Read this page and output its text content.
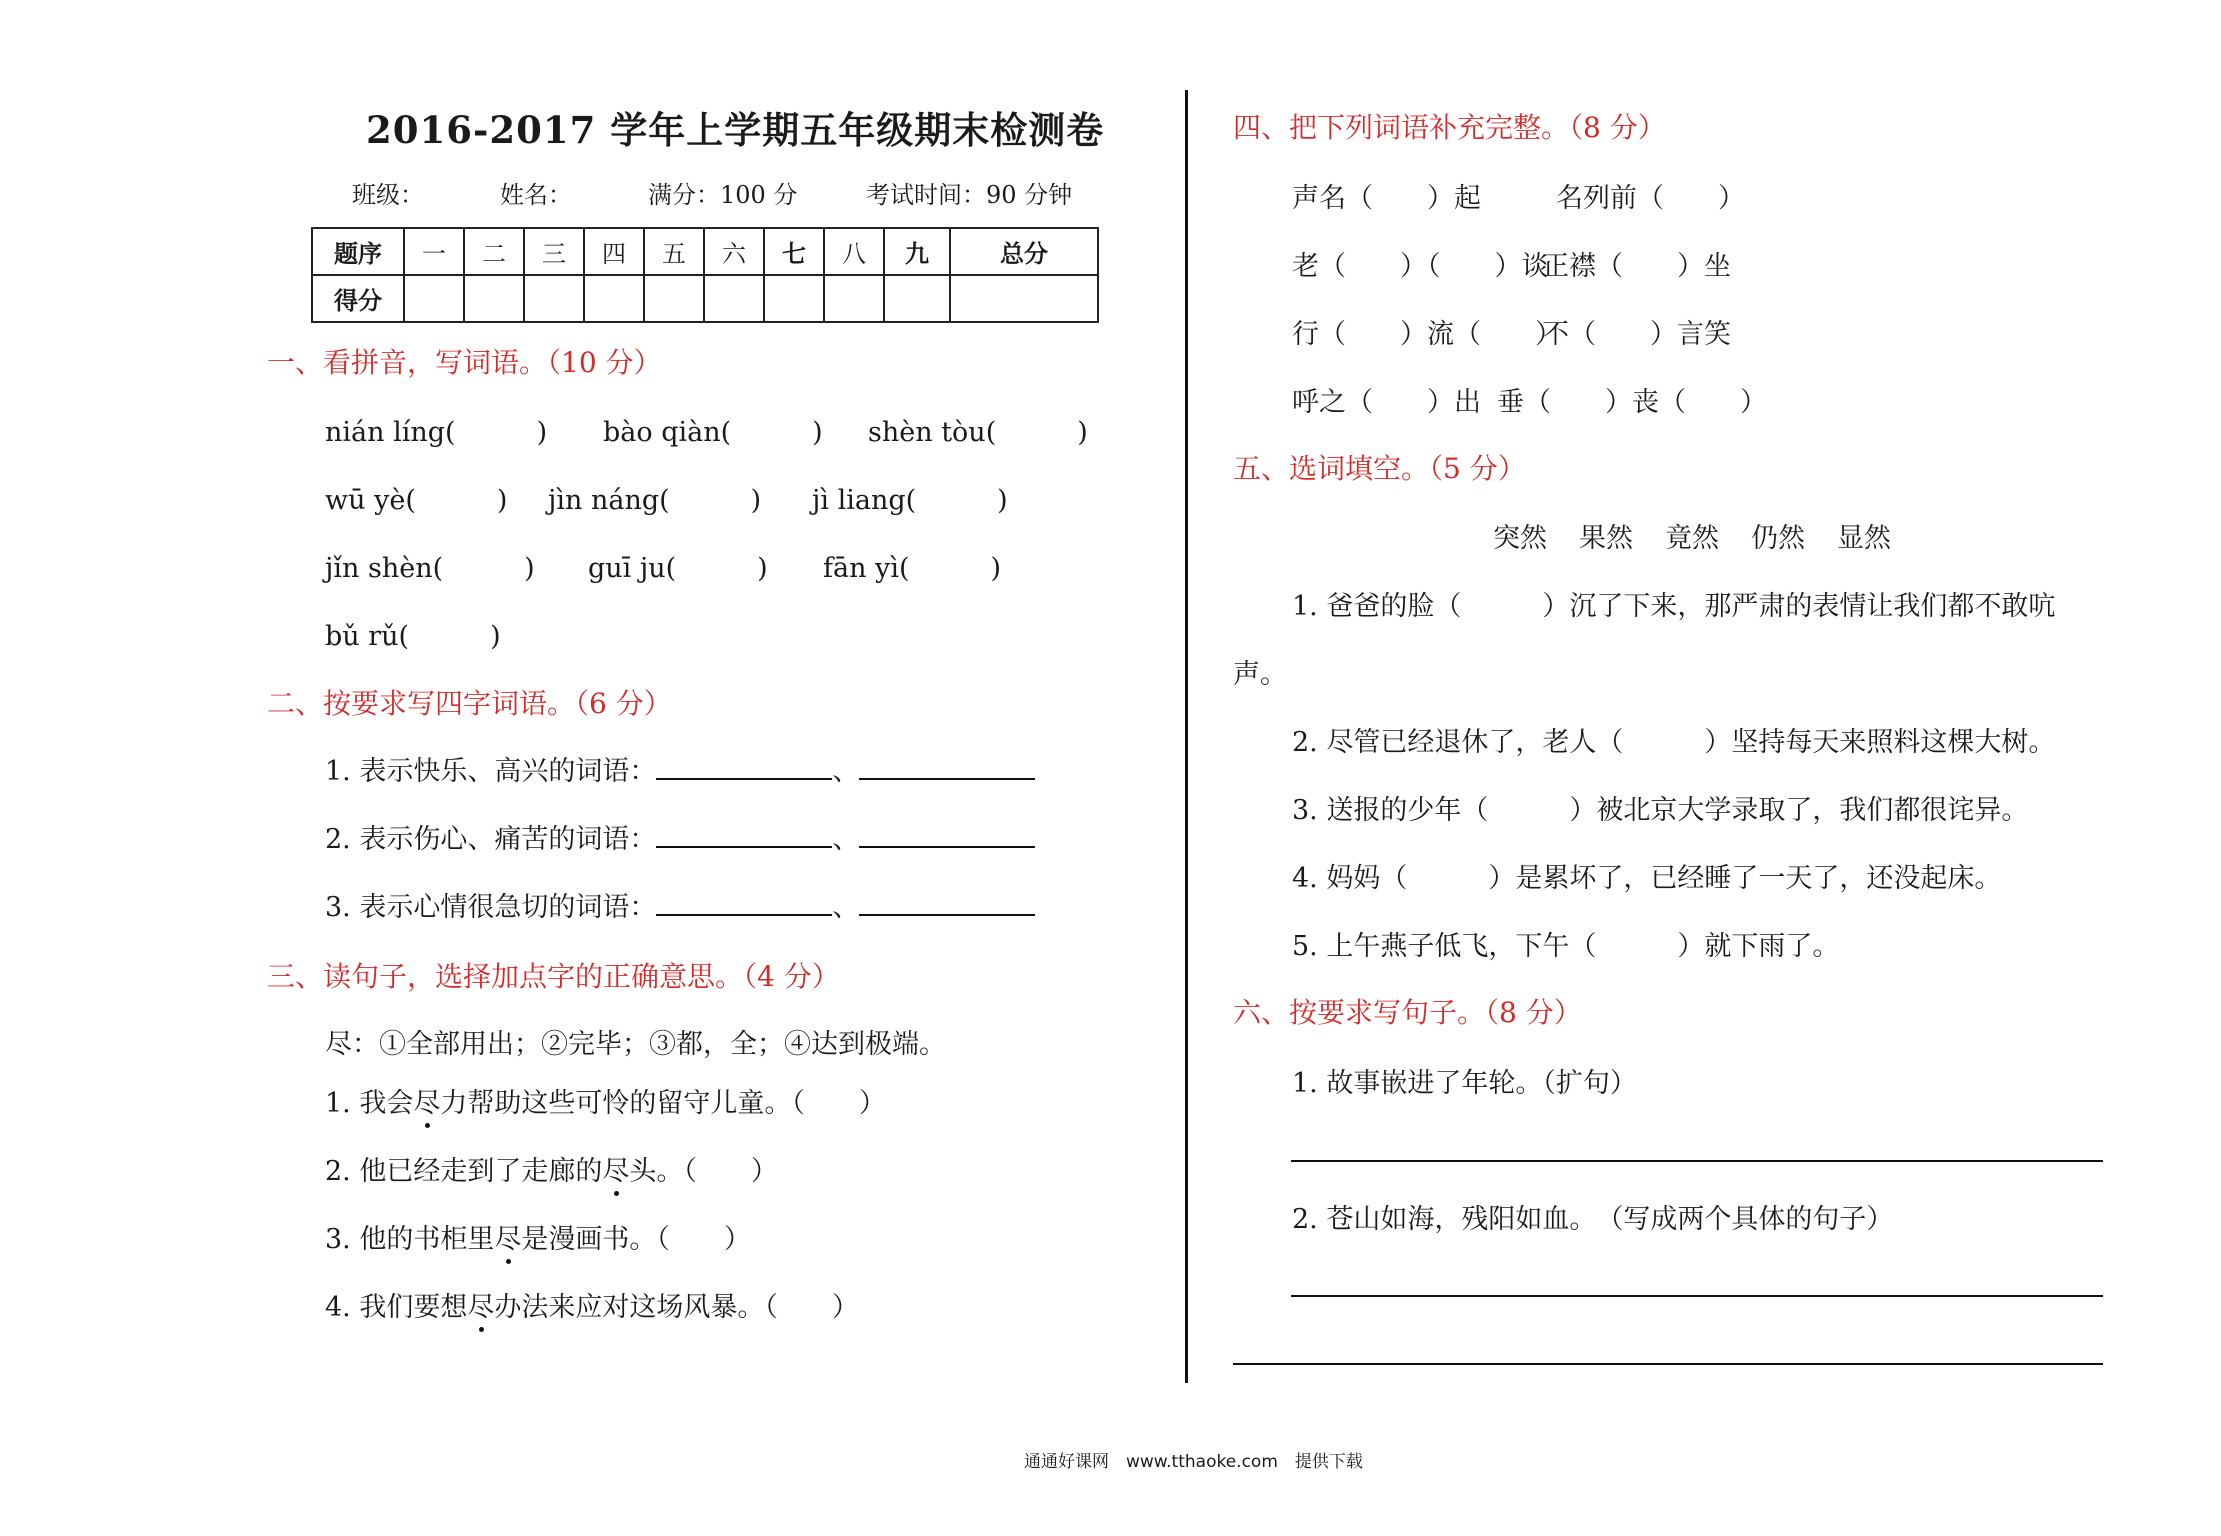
2016-2017 学年上学期五年级期末检测卷
班级：	姓名：	满分：100 分	考试时间：90 分钟
题序	一	二	三	四	五	六	七	八	九	总分
得分										
一、看拼音，写词语。（10 分）
nián líng(　　　) bào qiàn(　　　) shèn tòu(　　　)
wū yè(　　　) jìn náng(　　　) jì liang(　　　)
jǐn shèn(　　　) guī ju(　　　) fān yì(　　　)
bǔ rǔ(　　　)
二、按要求写四字词语。（6 分）
1. 表示快乐、高兴的词语：	、
2. 表示伤心、痛苦的词语：	、
3. 表示心情很急切的词语：	、
三、读句子，选择加点字的正确意思。（4 分）
尽：①全部用出；②完毕；③都，全；④达到极端。
1. 我会尽力帮助这些可怜的留守儿童。（　　）
2. 他已经走到了走廊的尽头。（　　）
3. 他的书柜里尽是漫画书。（　　）
4. 我们要想尽办法来应对这场风暴。（　　）
四、把下列词语补充完整。（8 分）
声名（　　）起	名列前（　　）
老（　　）（　　）谈
正襟（　　）坐
行（　　）流（　　）
不（　　）言笑
呼之（　　）出 垂（　　）丧（　　）
五、选词填空。（5 分）
突然 果然 竟然 仍然 显然
1. 爸爸的脸（　　　）沉了下来，那严肃的表情让我们都不敢吭
声。
2. 尽管已经退休了，老人（　　　）坚持每天来照料这棵大树。
3. 送报的少年（　　　）被北京大学录取了，我们都很诧异。
4. 妈妈（　　　）是累坏了，已经睡了一天了，还没起床。
5. 上午燕子低飞，下午（　　　）就下雨了。
六、按要求写句子。（8 分）
1. 故事嵌进了年轮。（扩句）
2. 苍山如海，残阳如血。　（写成两个具体的句子）
通通好课网　www.tthaoke.com　提供下载
